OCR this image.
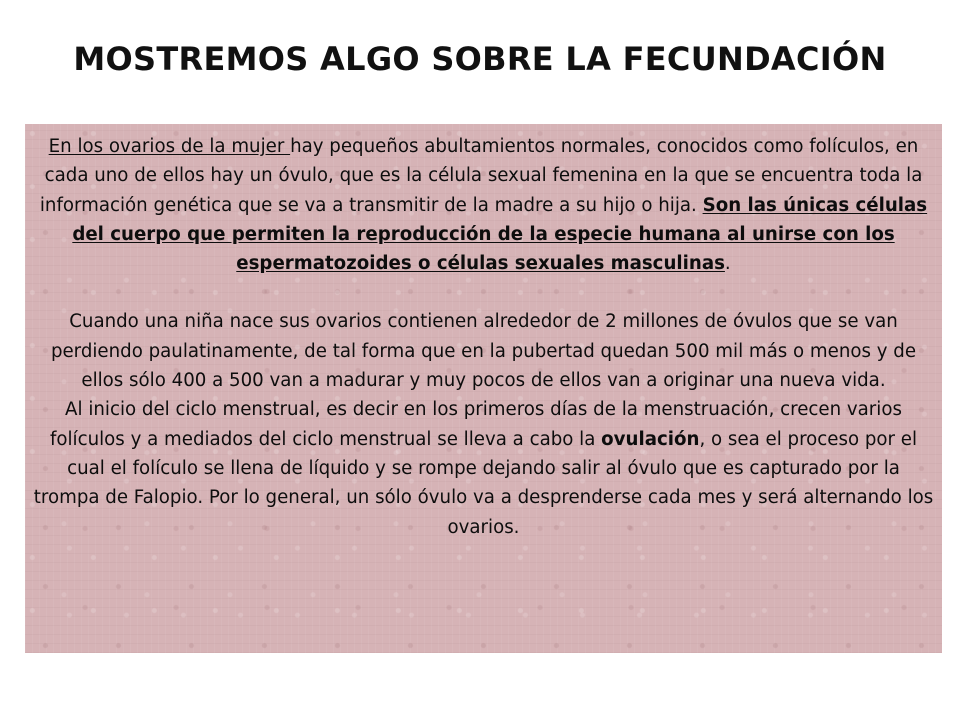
MOSTREMOS ALGO SOBRE LA FECUNDACIÓN

En los ovarios de la mujer hay pequeños abultamientos normales, conocidos como folículos, en cada uno de ellos hay un óvulo, que es la célula sexual femenina en la que se encuentra toda la información genética que se va a transmitir de la madre a su hijo o hija. Son las únicas células del cuerpo que permiten la reproducción de la especie humana al unirse con los espermatozoides o células sexuales masculinas.

Cuando una niña nace sus ovarios contienen alrededor de 2 millones de óvulos que se van perdiendo paulatinamente, de tal forma que en la pubertad quedan 500 mil más o menos y de ellos sólo 400 a 500 van a madurar y muy pocos de ellos van a originar una nueva vida.

Al inicio del ciclo menstrual, es decir en los primeros días de la menstruación, crecen varios folículos y a mediados del ciclo menstrual se lleva a cabo la ovulación, o sea el proceso por el cual el folículo se llena de líquido y se rompe dejando salir al óvulo que es capturado por la trompa de Falopio. Por lo general, un sólo óvulo va a desprenderse cada mes y será alternando los ovarios.
